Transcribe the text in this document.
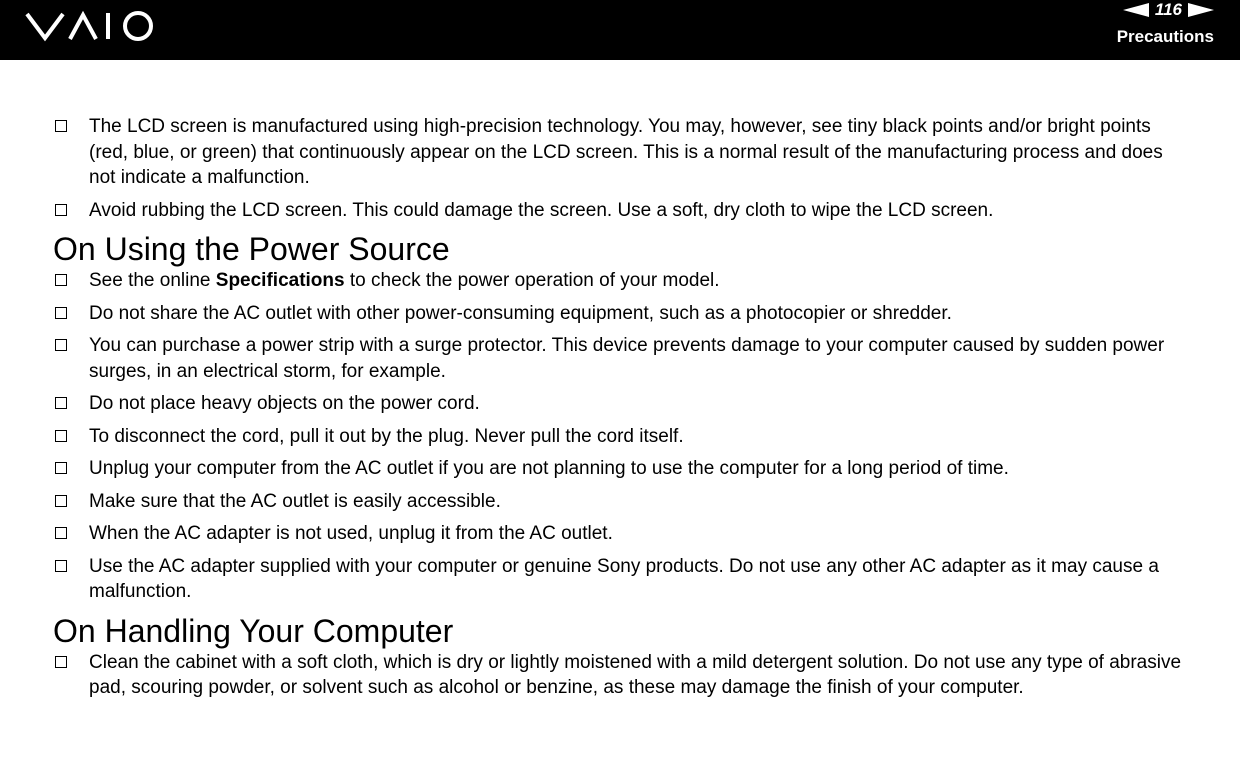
116
Precautions
The LCD screen is manufactured using high-precision technology. You may, however, see tiny black points and/or bright points (red, blue, or green) that continuously appear on the LCD screen. This is a normal result of the manufacturing process and does not indicate a malfunction.
Avoid rubbing the LCD screen. This could damage the screen. Use a soft, dry cloth to wipe the LCD screen.
On Using the Power Source
See the online Specifications to check the power operation of your model.
Do not share the AC outlet with other power-consuming equipment, such as a photocopier or shredder.
You can purchase a power strip with a surge protector. This device prevents damage to your computer caused by sudden power surges, in an electrical storm, for example.
Do not place heavy objects on the power cord.
To disconnect the cord, pull it out by the plug. Never pull the cord itself.
Unplug your computer from the AC outlet if you are not planning to use the computer for a long period of time.
Make sure that the AC outlet is easily accessible.
When the AC adapter is not used, unplug it from the AC outlet.
Use the AC adapter supplied with your computer or genuine Sony products. Do not use any other AC adapter as it may cause a malfunction.
On Handling Your Computer
Clean the cabinet with a soft cloth, which is dry or lightly moistened with a mild detergent solution. Do not use any type of abrasive pad, scouring powder, or solvent such as alcohol or benzine, as these may damage the finish of your computer.
